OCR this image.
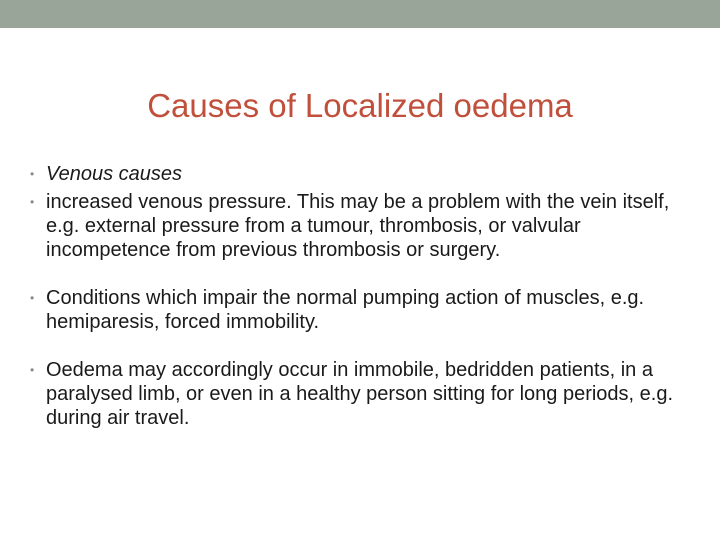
Causes of Localized oedema
• Venous causes
• increased venous pressure. This may be a problem with the vein itself, e.g. external pressure from a tumour, thrombosis, or valvular incompetence from previous thrombosis or surgery.
• Conditions which impair the normal pumping action of muscles, e.g. hemiparesis, forced immobility.
• Oedema may accordingly occur in immobile, bedridden patients, in a paralysed limb, or even in a healthy person sitting for long periods, e.g. during air travel.
